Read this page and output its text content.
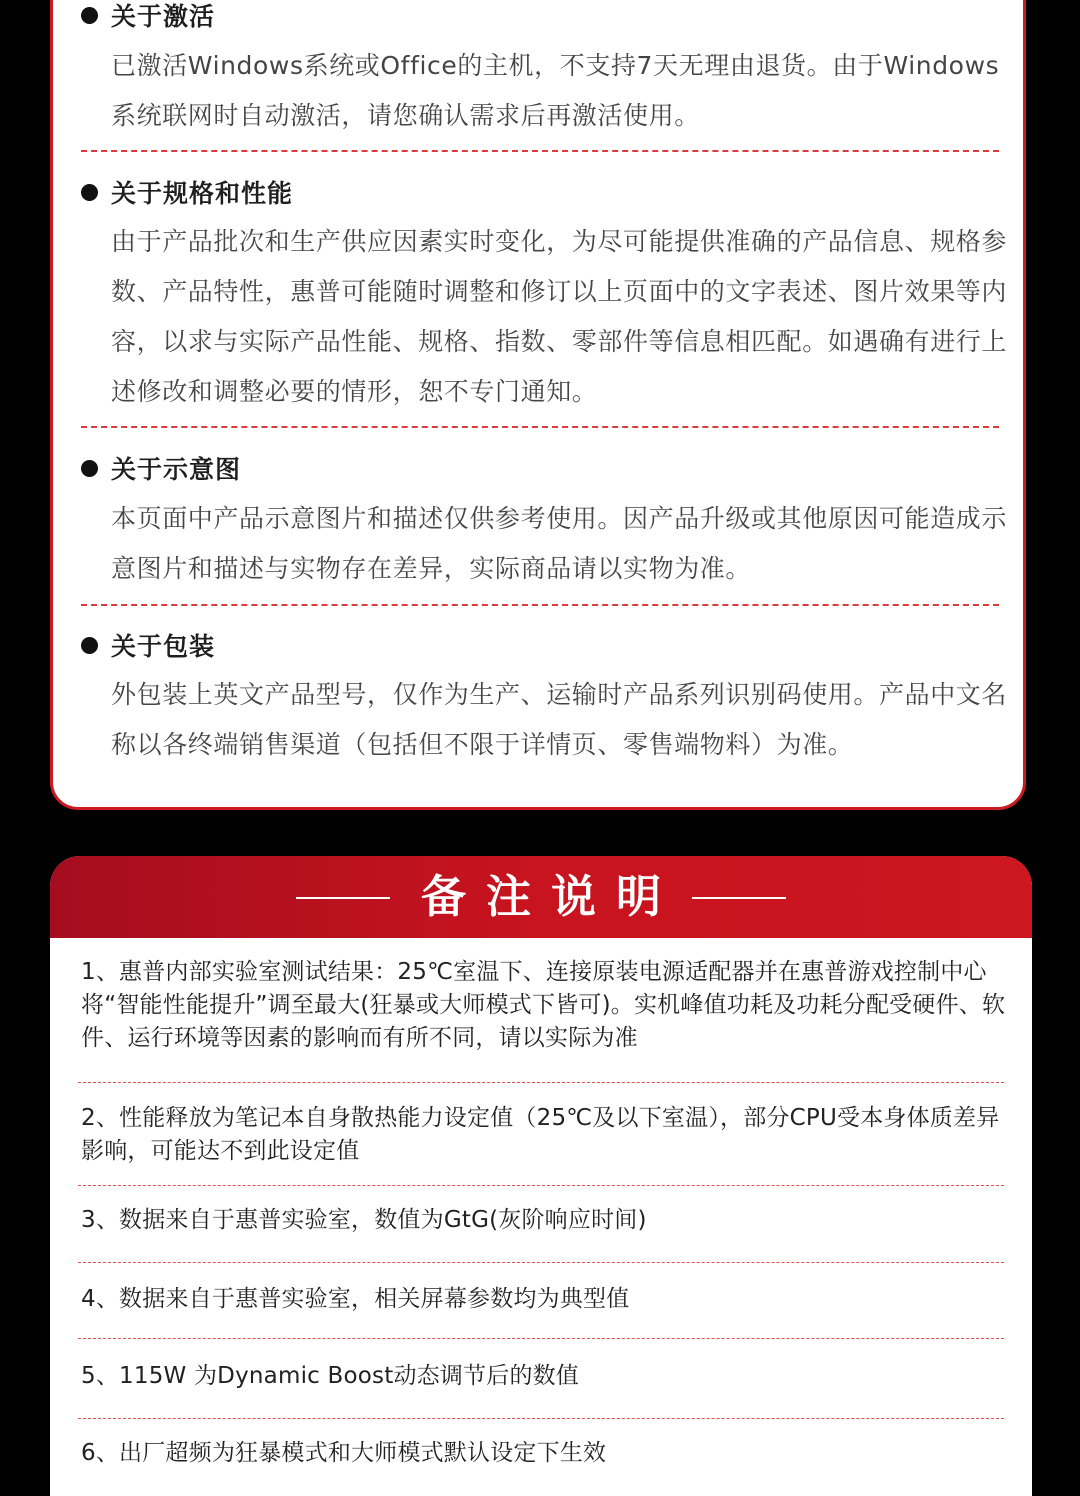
关于激活

已激活Windows系统或Office的主机，不支持7天无理由退货。由于Windows系统联网时自动激活，请您确认需求后再激活使用。

关于规格和性能

由于产品批次和生产供应因素实时变化，为尽可能提供准确的产品信息、规格参数、产品特性，惠普可能随时调整和修订以上页面中的文字表述、图片效果等内容，以求与实际产品性能、规格、指数、零部件等信息相匹配。如遇确有进行上述修改和调整必要的情形，恕不专门通知。

关于示意图

本页面中产品示意图片和描述仅供参考使用。因产品升级或其他原因可能造成示意图片和描述与实物存在差异，实际商品请以实物为准。

关于包装

外包装上英文产品型号，仅作为生产、运输时产品系列识别码使用。产品中文名称以各终端销售渠道（包括但不限于详情页、零售端物料）为准。

备注说明

1、惠普内部实验室测试结果：25℃室温下、连接原装电源适配器并在惠普游戏控制中心将“智能性能提升”调至最大(狂暴或大师模式下皆可)。实机峰值功耗及功耗分配受硬件、软件、运行环境等因素的影响而有所不同，请以实际为准

2、性能释放为笔记本自身散热能力设定值（25℃及以下室温），部分CPU受本身体质差异影响，可能达不到此设定值

3、数据来自于惠普实验室，数值为GtG(灰阶响应时间)

4、数据来自于惠普实验室，相关屏幕参数均为典型值

5、115W 为Dynamic Boost动态调节后的数值

6、出厂超频为狂暴模式和大师模式默认设定下生效
